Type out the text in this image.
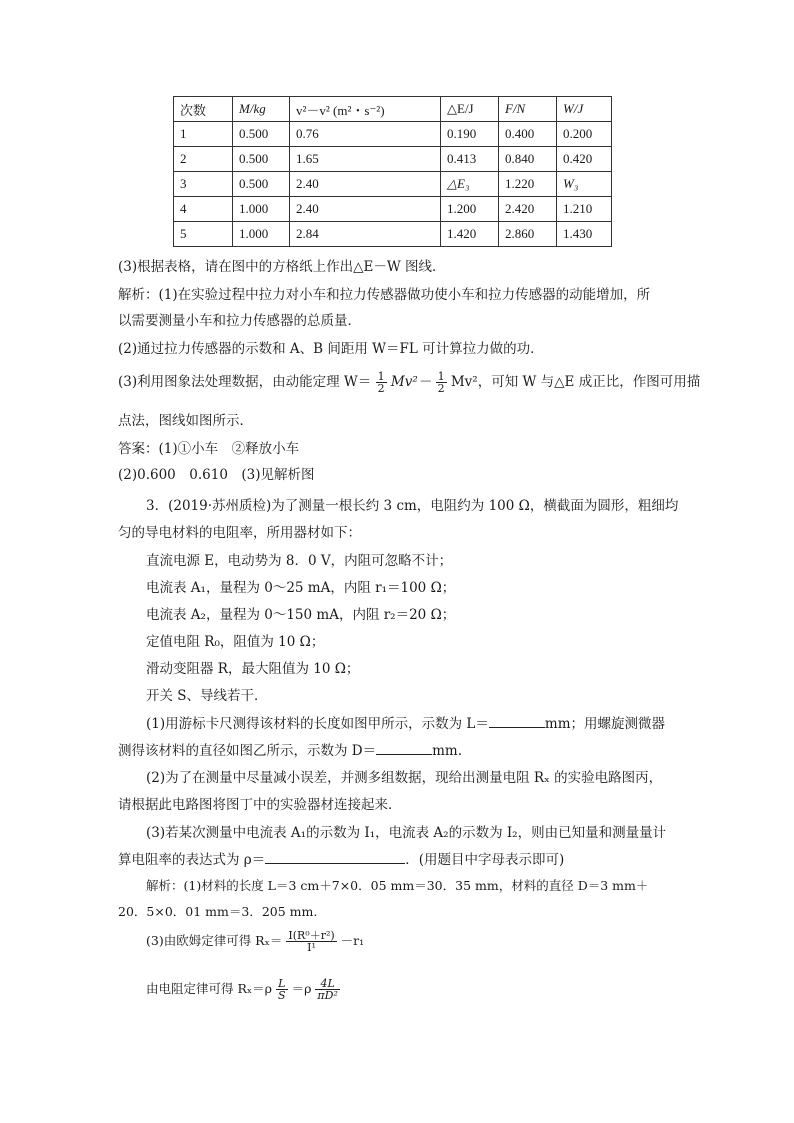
次数	M/kg	v²－v² (m²・s⁻²)	△E/J	F/N	W/J
1	0.500	0.76	0.190	0.400	0.200
2	0.500	1.65	0.413	0.840	0.420
3	0.500	2.40	△E₃	1.220	W₃
4	1.000	2.40	1.200	2.420	1.210
5	1.000	2.84	1.420	2.860	1.430
(3)根据表格，请在图中的方格纸上作出△E－W 图线．
解析：(1)在实验过程中拉力对小车和拉力传感器做功使小车和拉力传感器的动能增加，所
以需要测量小车和拉力传感器的总质量．
(2)通过拉力传感器的示数和 A、B 间距用 W＝FL 可计算拉力做的功．
(3)利用图象法处理数据，由动能定理 $W= \frac{1}{2} Mv^2- \frac{1}{2} Mv^2$，可知 W 与△E 成正比，作图可用描
点法，图线如图所示．
答案：(1)①小车　②释放小车
(2)0.600　0.610　(3)见解析图
3．(2019·苏州质检)为了测量一根长约 3 cm，电阻约为 100 Ω，横截面为圆形，粗细均
匀的导电材料的电阻率，所用器材如下：
直流电源 E，电动势为 8．0 V，内阻可忽略不计；
电流表 A₁，量程为 0～25 mA，内阻 r₁＝100 Ω；
电流表 A₂，量程为 0～150 mA，内阻 r₂＝20 Ω；
定值电阻 R₀，阻值为 10 Ω；
滑动变阻器 R，最大阻值为 10 Ω；
开关 S、导线若干．
(1)用游标卡尺测得该材料的长度如图甲所示，示数为 L＝	mm；用螺旋测微器
测得该材料的直径如图乙所示，示数为 D＝	mm.
(2)为了在测量中尽量减小误差，并测多组数据，现给出测量电阻 Rₓ 的实验电路图丙，
请根据此电路图将图丁中的实验器材连接起来．
(3)若某次测量中电流表 A₁的示数为 I₁，电流表 A₂的示数为 I₂，则由已知量和测量量计
算电阻率的表达式为 ρ＝	．(用题目中字母表示即可)
解析：(1)材料的长度 L＝3 cm＋7×0．05 mm＝30．35 mm，材料的直径 D＝3 mm＋
20．5×0．01 mm＝3．205 mm.
(3)由欧姆定律可得 $R_x= \frac{\text{I(R⁰＋r²)}}{\text{I¹}} -r_1$
由电阻定律可得 $R_x=\rho \frac{L}{S} =\rho \frac{4L}{\text{πD²}}$
